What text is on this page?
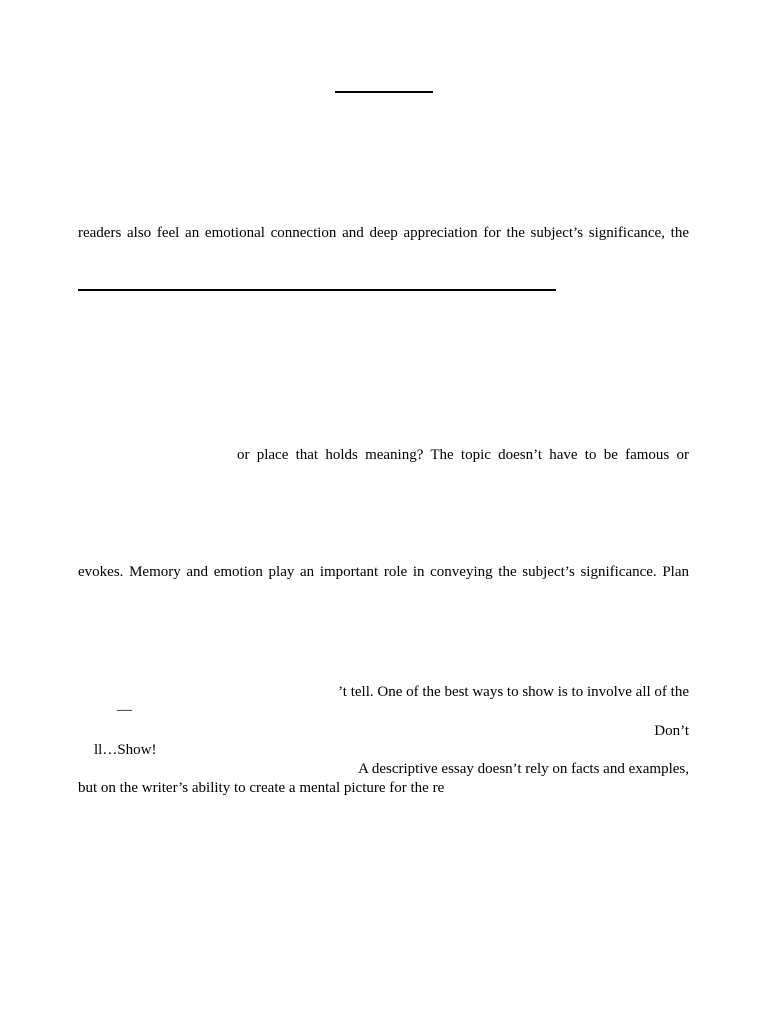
readers also feel an emotional connection and deep appreciation for the subject’s significance, the
or place that holds meaning? The topic doesn’t have to be famous or
evokes. Memory and emotion play an important role in conveying the subject’s significance. Plan
’t tell. One of the best ways to show is to involve all of the
—
Don’t
ll…Show!
A descriptive essay doesn’t rely on facts and examples,
but on the writer’s ability to create a mental picture for the re
